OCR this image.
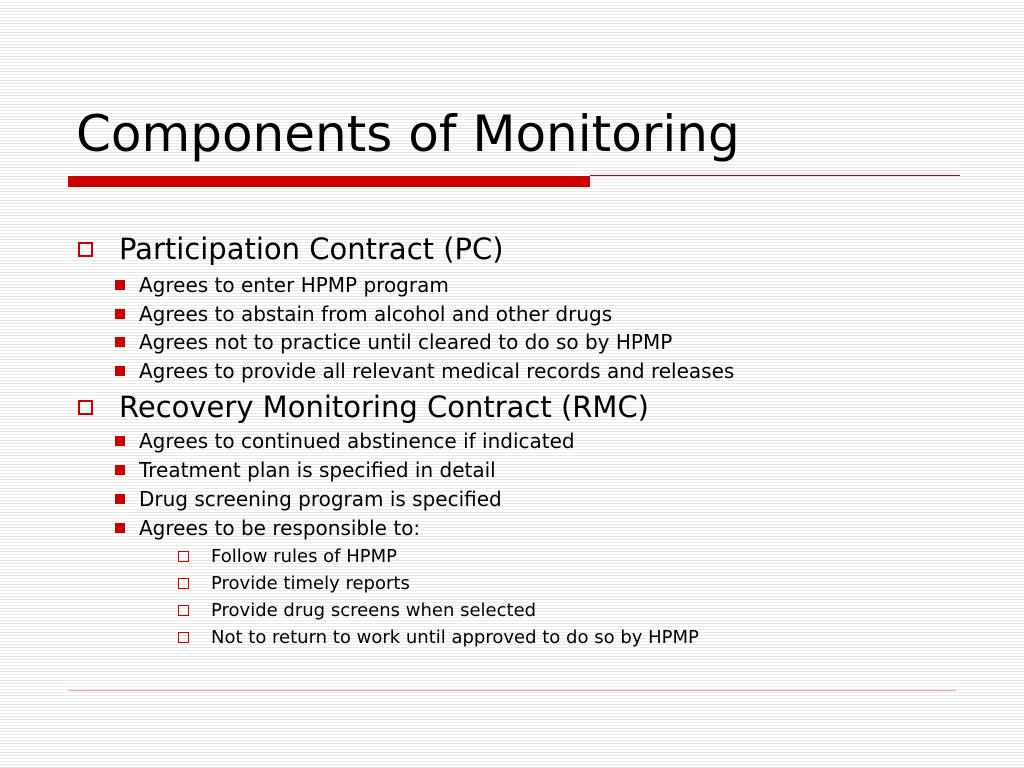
Components of Monitoring
Participation Contract (PC)
Agrees to enter HPMP program
Agrees to abstain from alcohol and other drugs
Agrees not to practice until cleared to do so by HPMP
Agrees to provide all relevant medical records and releases
Recovery Monitoring Contract (RMC)
Agrees to continued abstinence if indicated
Treatment plan is specified in detail
Drug screening program is specified
Agrees to be responsible to:
Follow rules of HPMP
Provide timely reports
Provide drug screens when selected
Not to return to work until approved to do so by HPMP
